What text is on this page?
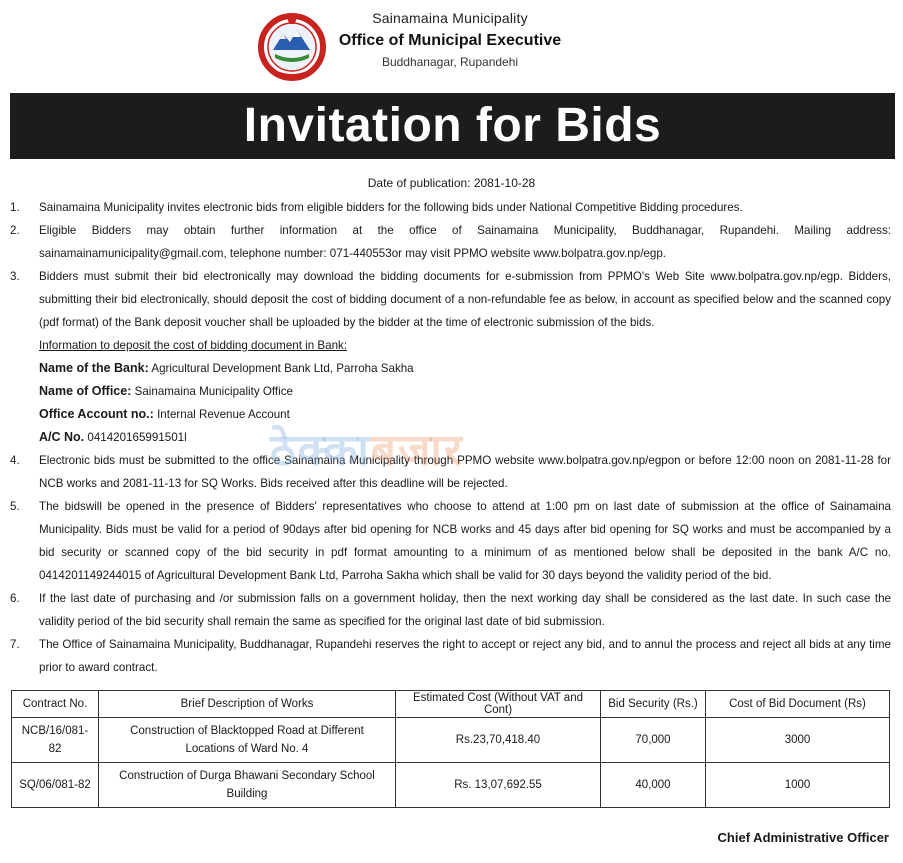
Sainamaina Municipality
Office of Municipal Executive
Buddhanagar, Rupandehi
Invitation for Bids
Date of publication: 2081-10-28
1.	Sainamaina Municipality invites electronic bids from eligible bidders for the following bids under National Competitive Bidding procedures.
2.	Eligible Bidders may obtain further information at the office of Sainamaina Municipality, Buddhanagar, Rupandehi. Mailing address: sainamainamunicipality@gmail.com, telephone number: 071-440553or may visit PPMO website www.bolpatra.gov.np/egp.
3.	Bidders must submit their bid electronically may download the bidding documents for e-submission from PPMO's Web Site www.bolpatra.gov.np/egp. Bidders, submitting their bid electronically, should deposit the cost of bidding document of a non-refundable fee as below, in account as specified below and the scanned copy (pdf format) of the Bank deposit voucher shall be uploaded by the bidder at the time of electronic submission of the bids.
Information to deposit the cost of bidding document in Bank:
Name of the Bank: Agricultural Development Bank Ltd, Parroha Sakha
Name of Office: Sainamaina Municipality Office
Office Account no.: Internal Revenue Account
A/C No. 041420165991501l
4.	Electronic bids must be submitted to the office Sainamaina Municipality through PPMO website www.bolpatra.gov.np/egpon or before 12:00 noon on 2081-11-28 for NCB works and 2081-11-13 for SQ Works. Bids received after this deadline will be rejected.
5.	The bidswill be opened in the presence of Bidders' representatives who choose to attend at 1:00 pm on last date of submission at the office of Sainamaina Municipality. Bids must be valid for a period of 90days after bid opening for NCB works and 45 days after bid opening for SQ works and must be accompanied by a bid security or scanned copy of the bid security in pdf format amounting to a minimum of as mentioned below shall be deposited in the bank A/C no. 0414201149244015 of Agricultural Development Bank Ltd, Parroha Sakha which shall be valid for 30 days beyond the validity period of the bid.
6.	If the last date of purchasing and /or submission falls on a government holiday, then the next working day shall be considered as the last date. In such case the validity period of the bid security shall remain the same as specified for the original last date of bid submission.
7.	The Office of Sainamaina Municipality, Buddhanagar, Rupandehi reserves the right to accept or reject any bid, and to annul the process and reject all bids at any time prior to award contract.
ठेक्काबजार
Contract No.	Brief Description of Works	Estimated Cost (Without VAT and Cont)	Bid Security (Rs.)	Cost of Bid Document (Rs)
NCB/16/081-82	Construction of Blacktopped Road at Different Locations of Ward No. 4	Rs.23,70,418.40	70,000	3000
SQ/06/081-82	Construction of Durga Bhawani Secondary School Building	Rs. 13,07,692.55	40,000	1000
Chief Administrative Officer
